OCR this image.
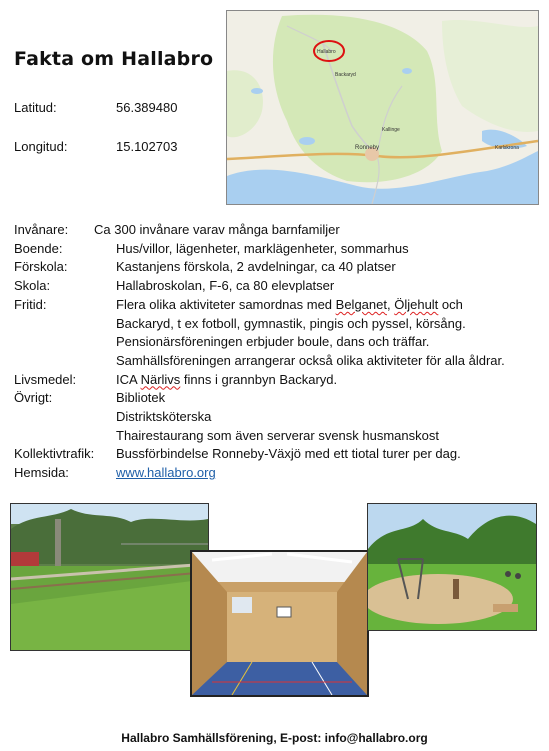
Fakta om Hallabro
Latitud:	56.389480
Longitud:	15.102703
Hallabro
Backaryd
Kallinge
Ronneby	Karlskrona
Invånare:	Ca 300 invånare varav många barnfamiljer
Boende:	Hus/villor, lägenheter, marklägenheter, sommarhus
Förskola:	Kastanjens förskola, 2 avdelningar, ca 40 platser
Skola:	Hallabroskolan, F-6, ca 80 elevplatser
Fritid:	Flera olika aktiviteter samordnas med Belganet, Öljehult och
Backaryd, t ex fotboll, gymnastik, pingis och pyssel, körsång.
Pensionärsföreningen erbjuder boule, dans och träffar.
Samhällsföreningen arrangerar också olika aktiviteter för alla åldrar.
Livsmedel:	ICA Närlivs finns i grannbyn Backaryd.
Övrigt:	Bibliotek
Distriktsköterska
Thairestaurang som även serverar svensk husmanskost
Kollektivtrafik:	Bussförbindelse Ronneby-Växjö med ett tiotal turer per dag.
Hemsida:	www.hallabro.org
Hallabro Samhällsförening, E-post: info@hallabro.org
